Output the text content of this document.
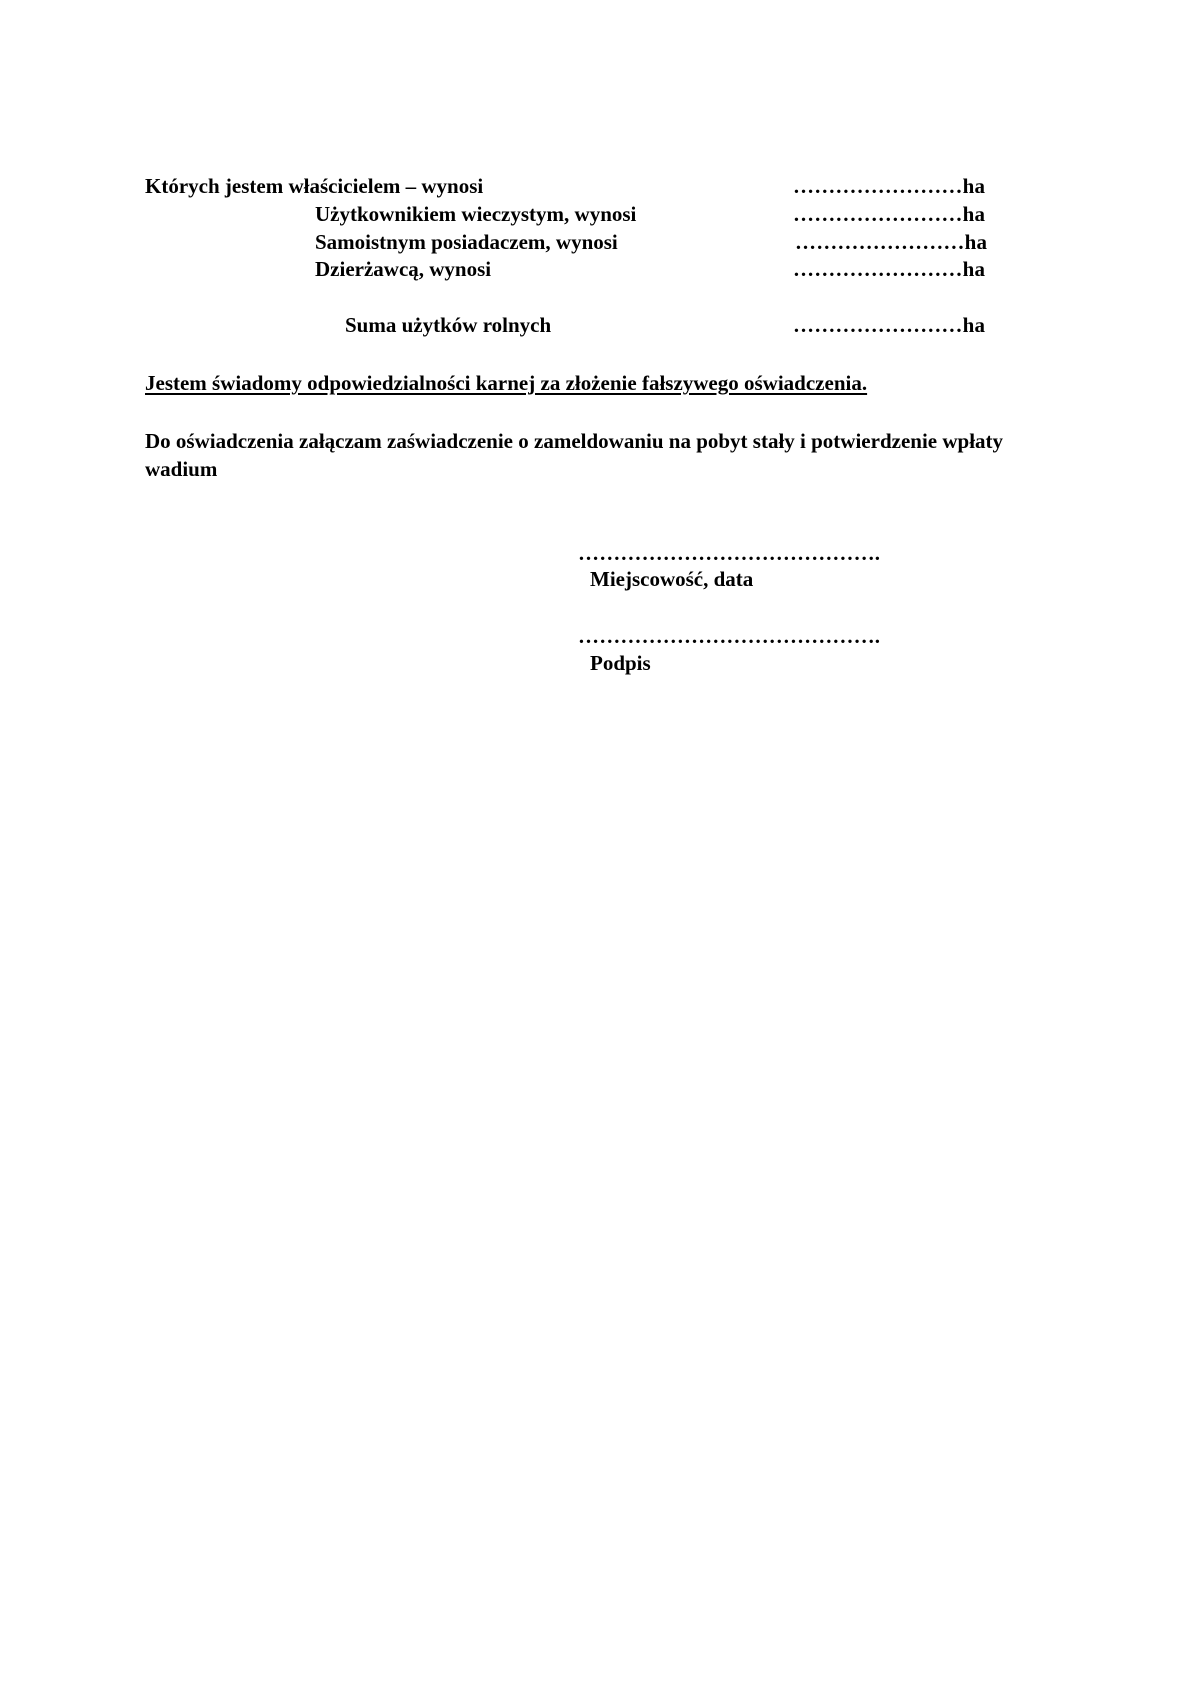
Których jestem właścicielem – wynosi	……………………ha
Użytkownikiem wieczystym, wynosi	……………………ha
Samoistnym posiadaczem, wynosi	……………………ha
Dzierżawcą, wynosi	……………………ha
Suma użytków rolnych	……………………ha
Jestem świadomy odpowiedzialności karnej za złożenie fałszywego oświadczenia.
Do oświadczenia załączam zaświadczenie o zameldowaniu na pobyt stały i potwierdzenie wpłaty wadium
…………………………………….
Miejscowość, data
…………………………………….
Podpis
